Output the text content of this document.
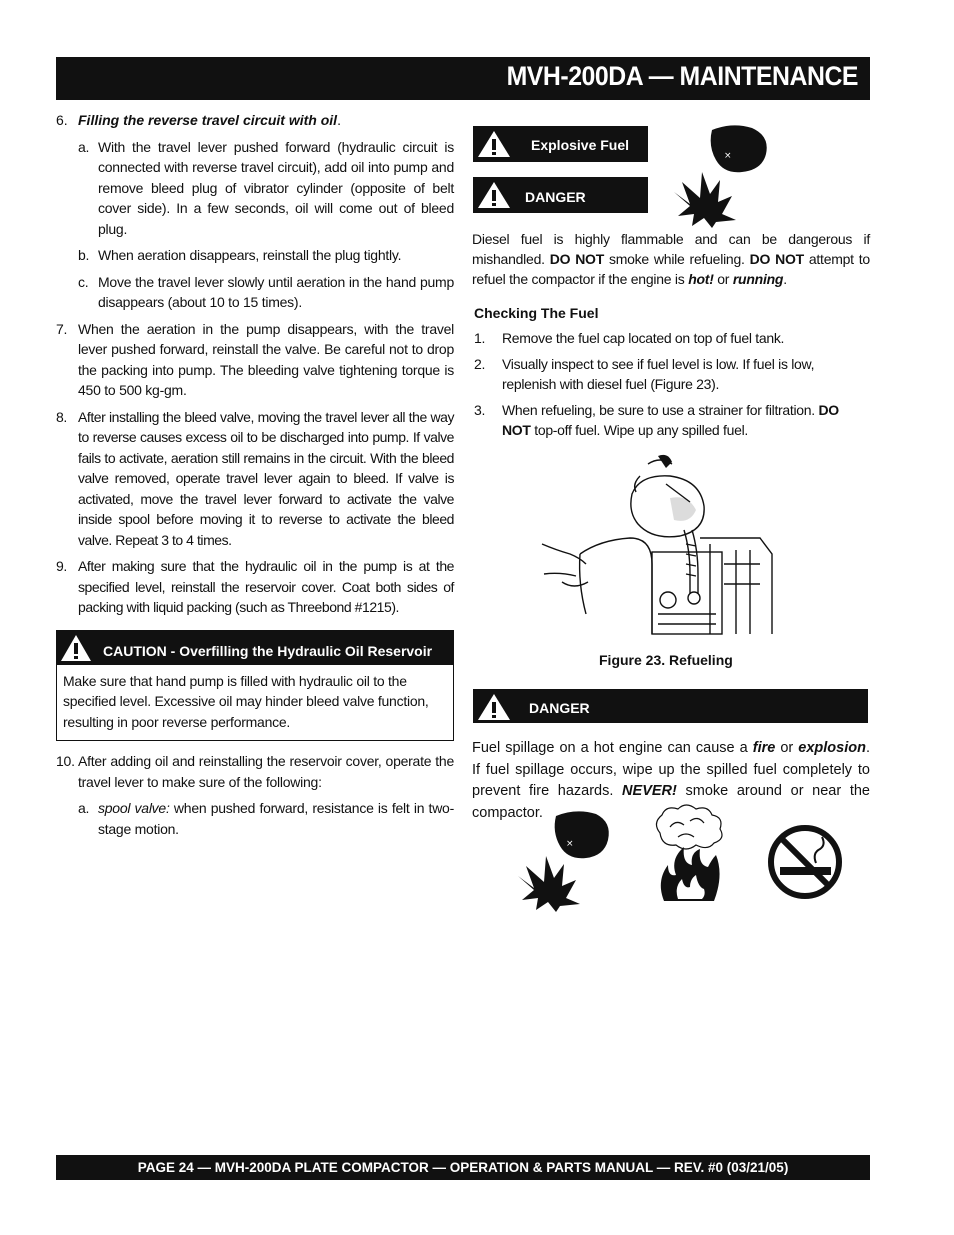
MVH-200DA — MAINTENANCE
6. Filling the reverse travel circuit with oil.
a. With the travel lever pushed forward (hydraulic circuit is connected with reverse travel circuit), add oil into pump and remove bleed plug of vibrator cylinder (opposite of belt cover side). In a few seconds, oil will come out of bleed plug.
b. When aeration disappears, reinstall the plug tightly.
c. Move the travel lever slowly until aeration in the hand pump disappears (about 10 to 15 times).
7. When the aeration in the pump disappears, with the travel lever pushed forward, reinstall the valve. Be careful not to drop the packing into pump. The bleeding valve tightening torque is 450 to 500 kg-gm.
8. After installing the bleed valve, moving the travel lever all the way to reverse causes excess oil to be discharged into pump. If valve fails to activate, aeration still remains in the circuit. With the bleed valve removed, operate travel lever again to bleed. If valve is activated, move the travel lever forward to activate the valve inside spool before moving it to reverse to activate the bleed valve. Repeat 3 to 4 times.
9. After making sure that the hydraulic oil in the pump is at the specified level, reinstall the reservoir cover. Coat both sides of packing with liquid packing (such as Threebond #1215).
CAUTION - Overfilling the Hydraulic Oil Reservoir
Make sure that hand pump is filled with hydraulic oil to the specified level. Excessive oil may hinder bleed valve function, resulting in poor reverse performance.
10. After adding oil and reinstalling the reservoir cover, operate the travel lever to make sure of the following:
a. spool valve: when pushed forward, resistance is felt in two-stage motion.
Explosive Fuel
DANGER
×
Diesel fuel is highly flammable and can be dangerous if mishandled. DO NOT smoke while refueling. DO NOT attempt to refuel the compactor if the engine is hot! or running.
Checking The Fuel
1. Remove the fuel cap located on top of fuel tank.
2. Visually inspect to see if fuel level is low. If fuel is low, replenish with diesel fuel (Figure 23).
3. When refueling, be sure to use a strainer for filtration. DO NOT top-off fuel. Wipe up any spilled fuel.
Figure 23. Refueling
DANGER
Fuel spillage on a hot engine can cause a fire or explosion. If fuel spillage occurs, wipe up the spilled fuel completely to prevent fire hazards. NEVER! smoke around or near the compactor.
×
PAGE 24 — MVH-200DA PLATE COMPACTOR — OPERATION & PARTS MANUAL — REV. #0 (03/21/05)
